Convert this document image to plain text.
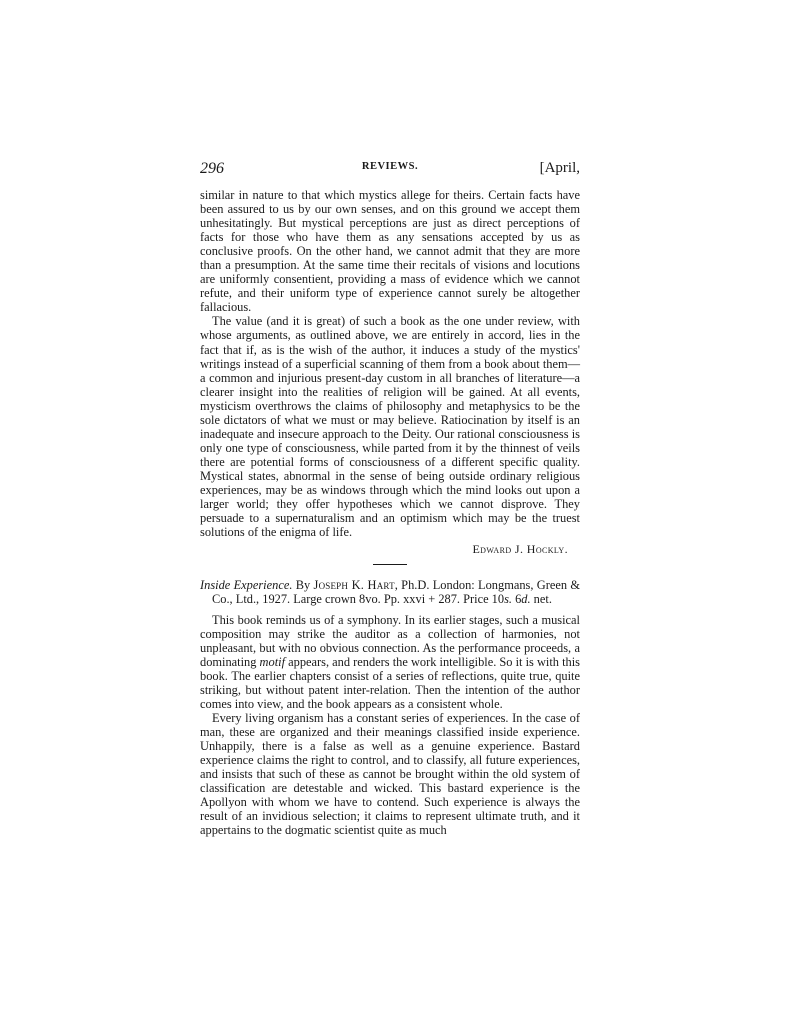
296	REVIEWS.	[April,

similar in nature to that which mystics allege for theirs. Certain facts have been assured to us by our own senses, and on this ground we accept them unhesitatingly. But mystical perceptions are just as direct perceptions of facts for those who have them as any sensations accepted by us as conclusive proofs. On the other hand, we cannot admit that they are more than a presumption. At the same time their recitals of visions and locutions are uniformly consentient, providing a mass of evidence which we cannot refute, and their uniform type of experience cannot surely be altogether fallacious.

The value (and it is great) of such a book as the one under review, with whose arguments, as outlined above, we are entirely in accord, lies in the fact that if, as is the wish of the author, it induces a study of the mystics' writings instead of a superficial scanning of them from a book about them—a common and injurious present-day custom in all branches of literature—a clearer insight into the realities of religion will be gained. At all events, mysticism overthrows the claims of philosophy and metaphysics to be the sole dictators of what we must or may believe. Ratiocination by itself is an inadequate and insecure approach to the Deity. Our rational consciousness is only one type of consciousness, while parted from it by the thinnest of veils there are potential forms of consciousness of a different specific quality. Mystical states, abnormal in the sense of being outside ordinary religious experiences, may be as windows through which the mind looks out upon a larger world; they offer hypotheses which we cannot disprove. They persuade to a supernaturalism and an optimism which may be the truest solutions of the enigma of life.

Edward J. Hockly.
Inside Experience. By Joseph K. Hart, Ph.D. London: Longmans, Green & Co., Ltd., 1927. Large crown 8vo. Pp. xxvi + 287. Price 10s. 6d. net.

This book reminds us of a symphony. In its earlier stages, such a musical composition may strike the auditor as a collection of harmonies, not unpleasant, but with no obvious connection. As the performance proceeds, a dominating motif appears, and renders the work intelligible. So it is with this book. The earlier chapters consist of a series of reflections, quite true, quite striking, but without patent inter-relation. Then the intention of the author comes into view, and the book appears as a consistent whole.

Every living organism has a constant series of experiences. In the case of man, these are organized and their meanings classified inside experience. Unhappily, there is a false as well as a genuine experience. Bastard experience claims the right to control, and to classify, all future experiences, and insists that such of these as cannot be brought within the old system of classification are detestable and wicked. This bastard experience is the Apollyon with whom we have to contend. Such experience is always the result of an invidious selection; it claims to represent ultimate truth, and it appertains to the dogmatic scientist quite as much
